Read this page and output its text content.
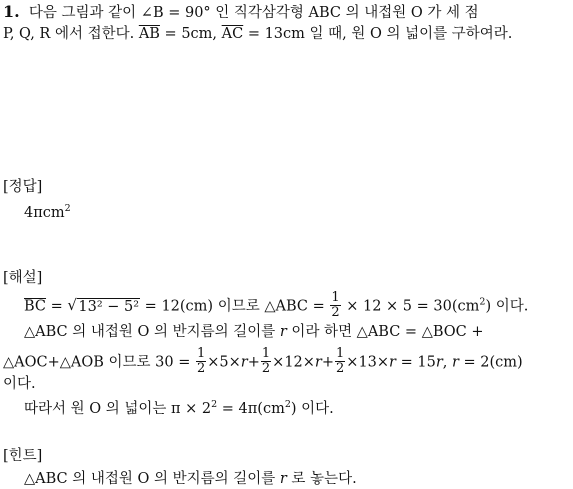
1. 다음 그림과 같이 ∠B = 90° 인 직각삼각형 ABC 의 내접원 O 가 세 점
P, Q, R 에서 접한다. $\overline{AB} = 5cm$, $\overline{AC} = 13cm$ 일 때, 원 O 의 넓이를 구하여라.
[정답]
4πcm$^2$
[해설]
$\overline{BC}$ = √ 13² − 5² = 12(cm) 이므로 △ABC = $\frac{1}{2} \times 12 \times 5 = 30(cm^2)$ 이다.
△ABC 의 내접원 O 의 반지름의 길이를 r 이라 하면 △ABC = △BOC +
△AOC+△AOB 이므로 $30 = \frac{1}{2} \times 5\times r+ \frac{1}{2} \times 12\times r+ \frac{1}{2} \times 13\times r = 15r$, r = 2(cm)
이다.
따라서 원 O 의 넓이는 $\pi \times 2^2 = 4\pi(cm^2)$ 이다.
[힌트]
△ABC 의 내접원 O 의 반지름의 길이를 r 로 놓는다.
